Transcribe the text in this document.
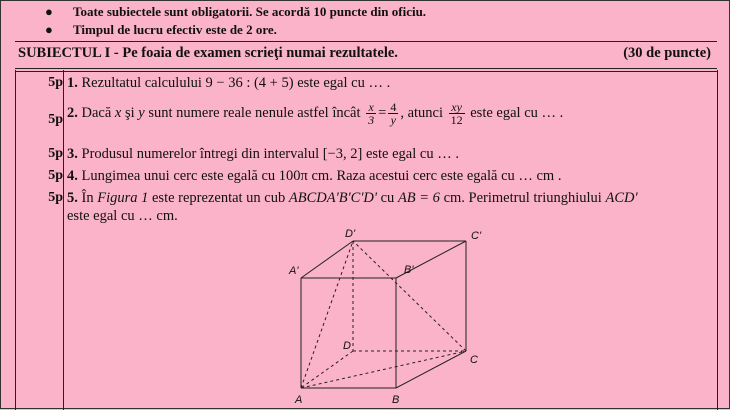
● Toate subiectele sunt obligatorii. Se acordă 10 puncte din oficiu.
● Timpul de lucru efectiv este de 2 ore.
SUBIECTUL I - Pe foaia de examen scrieţi numai rezultatele.	(30 de puncte)
5p 1. Rezultatul calculului 9 − 36 : (4 + 5) este egal cu … .
5p 2. Dacă x şi y sunt numere reale nenule astfel încât $\frac{x}{3} = \frac{4}{y}$ , atunci $\frac{xy}{12}$ este egal cu … .
5p 3. Produsul numerelor întregi din intervalul [−3, 2] este egal cu … .
5p 4. Lungimea unui cerc este egală cu 100π cm. Raza acestui cerc este egală cu … cm .
5p 5. În Figura 1 este reprezentat un cub ABCDA'B'C'D' cu AB = 6 cm. Perimetrul triunghiului ACD'
este egal cu … cm.
D'	C'
A'	B'
D
C
A	B
